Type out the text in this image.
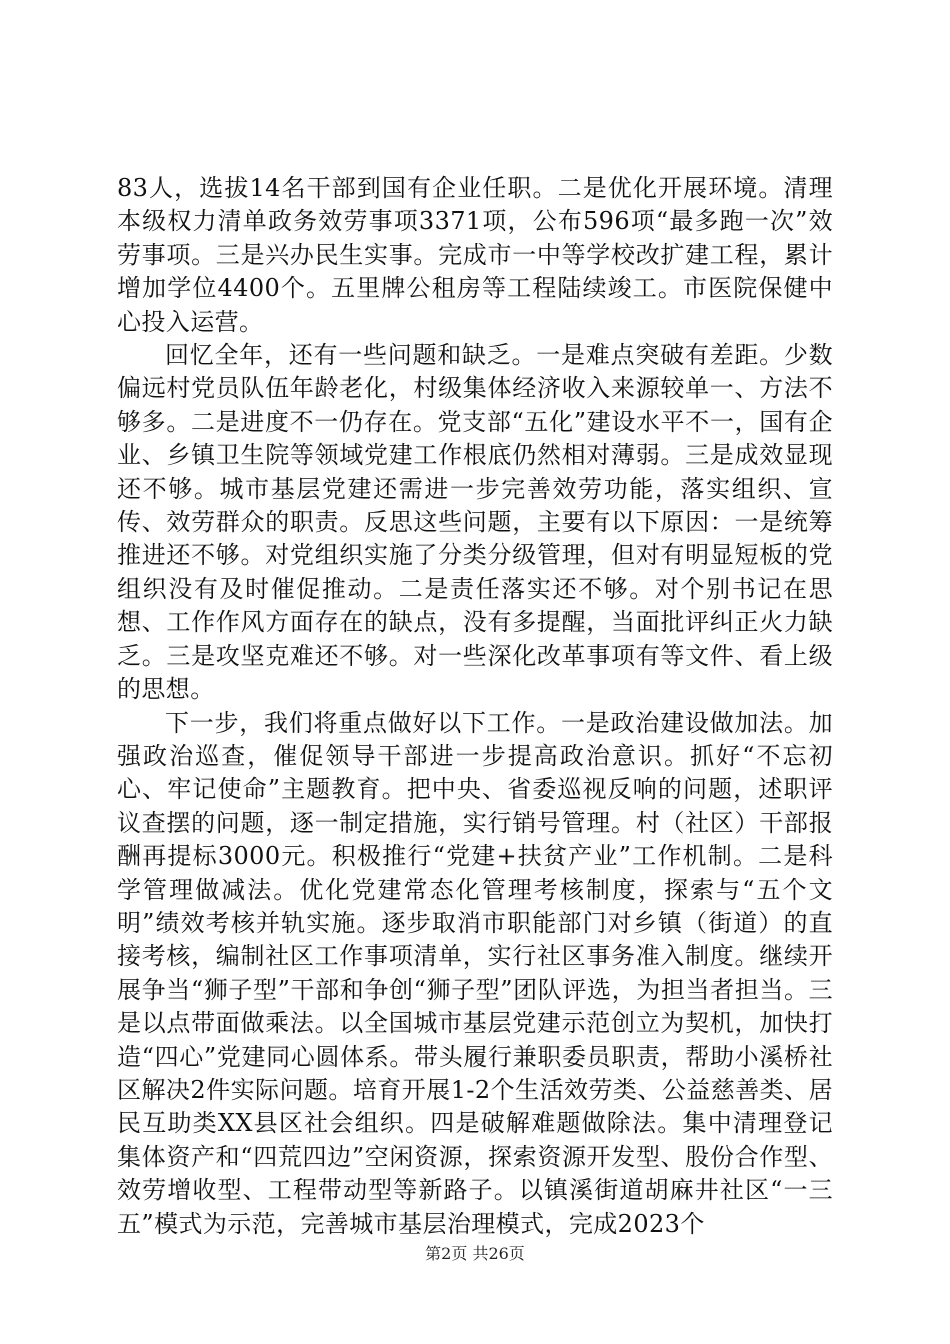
83人，选拔14名干部到国有企业任职。二是优化开展环境。清理本级权力清单政务效劳事项3371项，公布596项“最多跑一次”效劳事项。三是兴办民生实事。完成市一中等学校改扩建工程，累计增加学位4400个。五里牌公租房等工程陆续竣工。市医院保健中心投入运营。

回忆全年，还有一些问题和缺乏。一是难点突破有差距。少数偏远村党员队伍年龄老化，村级集体经济收入来源较单一、方法不够多。二是进度不一仍存在。党支部“五化”建设水平不一，国有企业、乡镇卫生院等领域党建工作根底仍然相对薄弱。三是成效显现还不够。城市基层党建还需进一步完善效劳功能，落实组织、宣传、效劳群众的职责。反思这些问题，主要有以下原因：一是统筹推进还不够。对党组织实施了分类分级管理，但对有明显短板的党组织没有及时催促推动。二是责任落实还不够。对个别书记在思想、工作作风方面存在的缺点，没有多提醒，当面批评纠正火力缺乏。三是攻坚克难还不够。对一些深化改革事项有等文件、看上级的思想。

下一步，我们将重点做好以下工作。一是政治建设做加法。加强政治巡查，催促领导干部进一步提高政治意识。抓好“不忘初心、牢记使命”主题教育。把中央、省委巡视反响的问题，述职评议查摆的问题，逐一制定措施，实行销号管理。村（社区）干部报酬再提标3000元。积极推行“党建+扶贫产业”工作机制。二是科学管理做减法。优化党建常态化管理考核制度，探索与“五个文明”绩效考核并轨实施。逐步取消市职能部门对乡镇（街道）的直接考核，编制社区工作事项清单，实行社区事务准入制度。继续开展争当“狮子型”干部和争创“狮子型”团队评选，为担当者担当。三是以点带面做乘法。以全国城市基层党建示范创立为契机，加快打造“四心”党建同心圆体系。带头履行兼职委员职责，帮助小溪桥社区解决2件实际问题。培育开展1-2个生活效劳类、公益慈善类、居民互助类XX县区社会组织。四是破解难题做除法。集中清理登记集体资产和“四荒四边”空闲资源，探索资源开发型、股份合作型、效劳增收型、工程带动型等新路子。以镇溪街道胡麻井社区“一三五”模式为示范，完善城市基层治理模式，完成2023个

第2页 共26页
